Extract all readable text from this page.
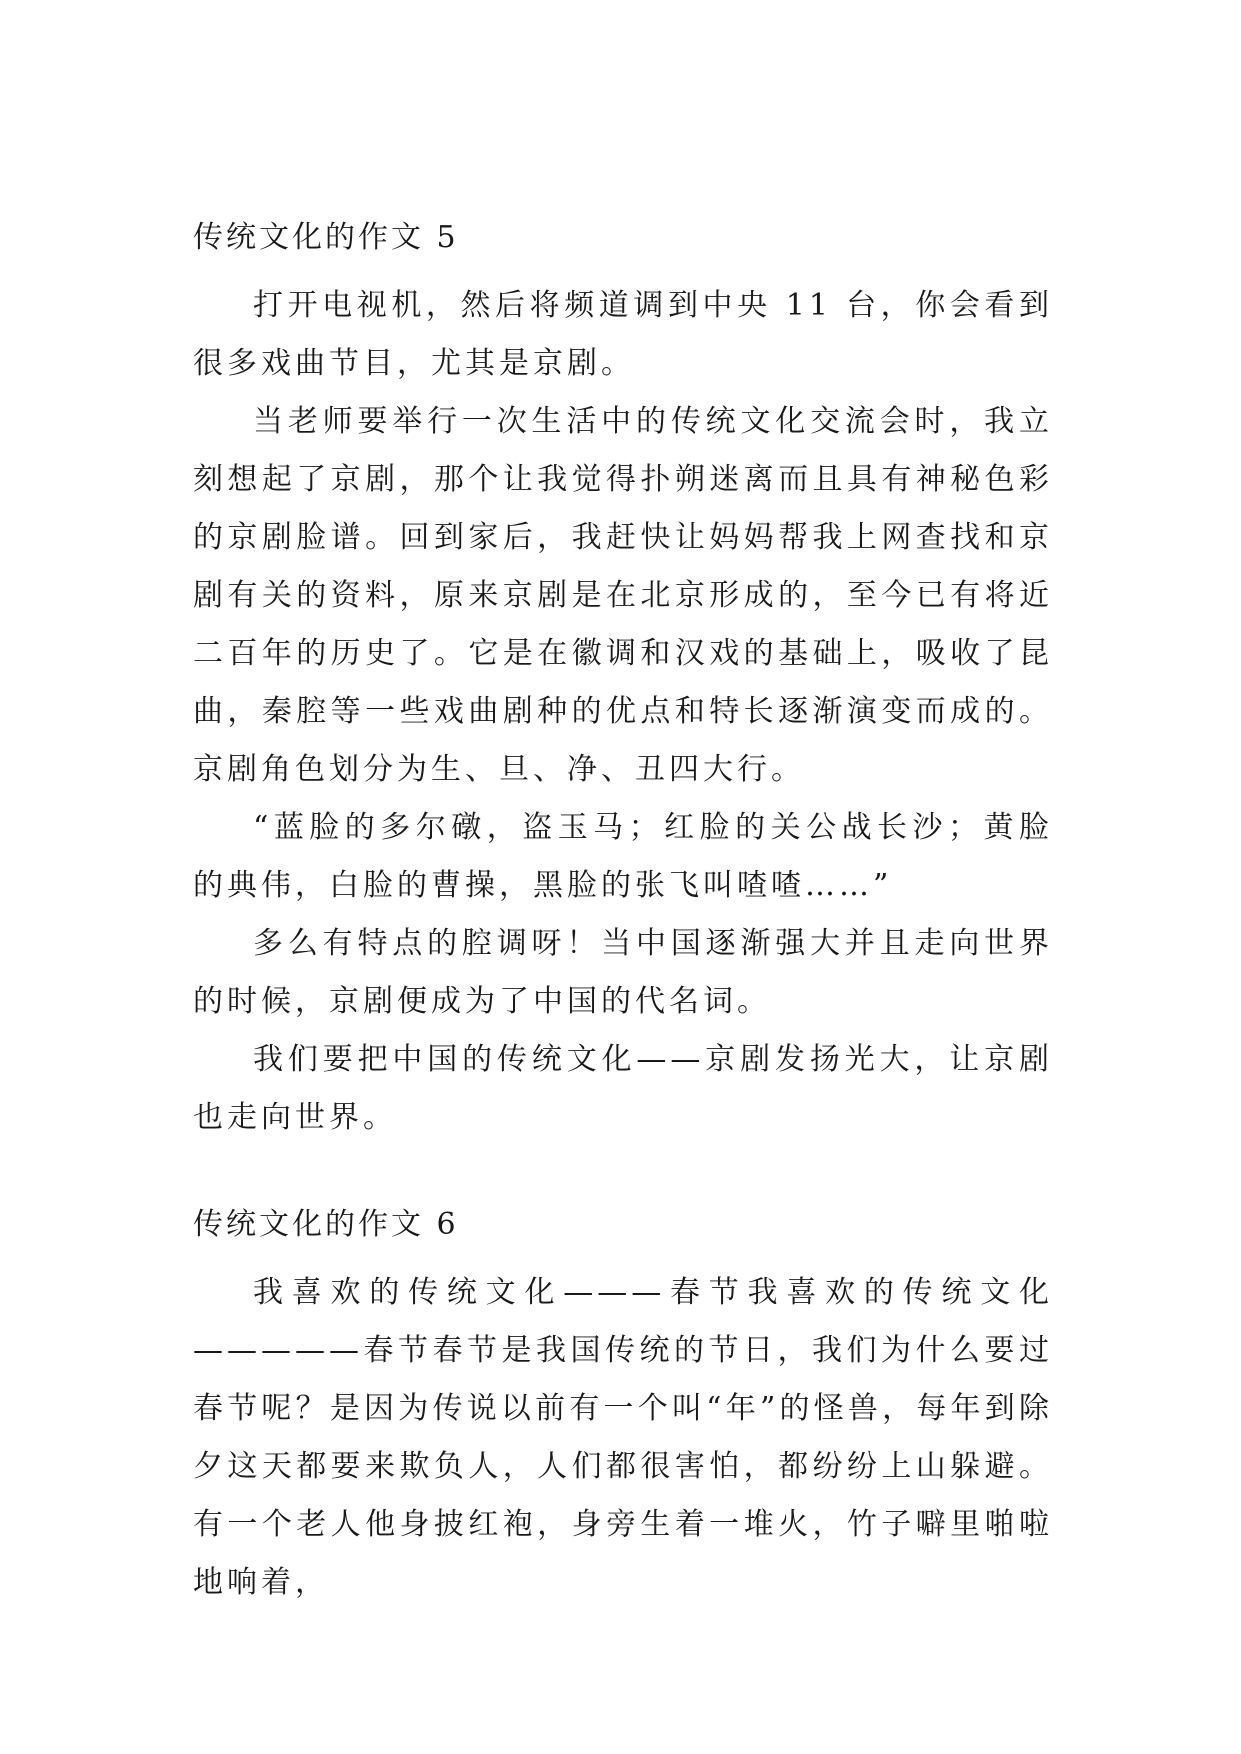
传统文化的作文 5

打开电视机，然后将频道调到中央 11 台，你会看到很多戏曲节目，尤其是京剧。

当老师要举行一次生活中的传统文化交流会时，我立刻想起了京剧，那个让我觉得扑朔迷离而且具有神秘色彩的京剧脸谱。回到家后，我赶快让妈妈帮我上网查找和京剧有关的资料，原来京剧是在北京形成的，至今已有将近二百年的历史了。它是在徽调和汉戏的基础上，吸收了昆曲，秦腔等一些戏曲剧种的优点和特长逐渐演变而成的。京剧角色划分为生、旦、净、丑四大行。

“蓝脸的多尔礅，盗玉马；红脸的关公战长沙；黄脸的典伟，白脸的曹操，黑脸的张飞叫喳喳……”

多么有特点的腔调呀！当中国逐渐强大并且走向世界的时候，京剧便成为了中国的代名词。

我们要把中国的传统文化——京剧发扬光大，让京剧也走向世界。

传统文化的作文 6

我喜欢的传统文化———春节我喜欢的传统文化—————春节春节是我国传统的节日，我们为什么要过春节呢？是因为传说以前有一个叫“年”的怪兽，每年到除夕这天都要来欺负人，人们都很害怕，都纷纷上山躲避。有一个老人他身披红袍，身旁生着一堆火，竹子噼里啪啦地响着，
